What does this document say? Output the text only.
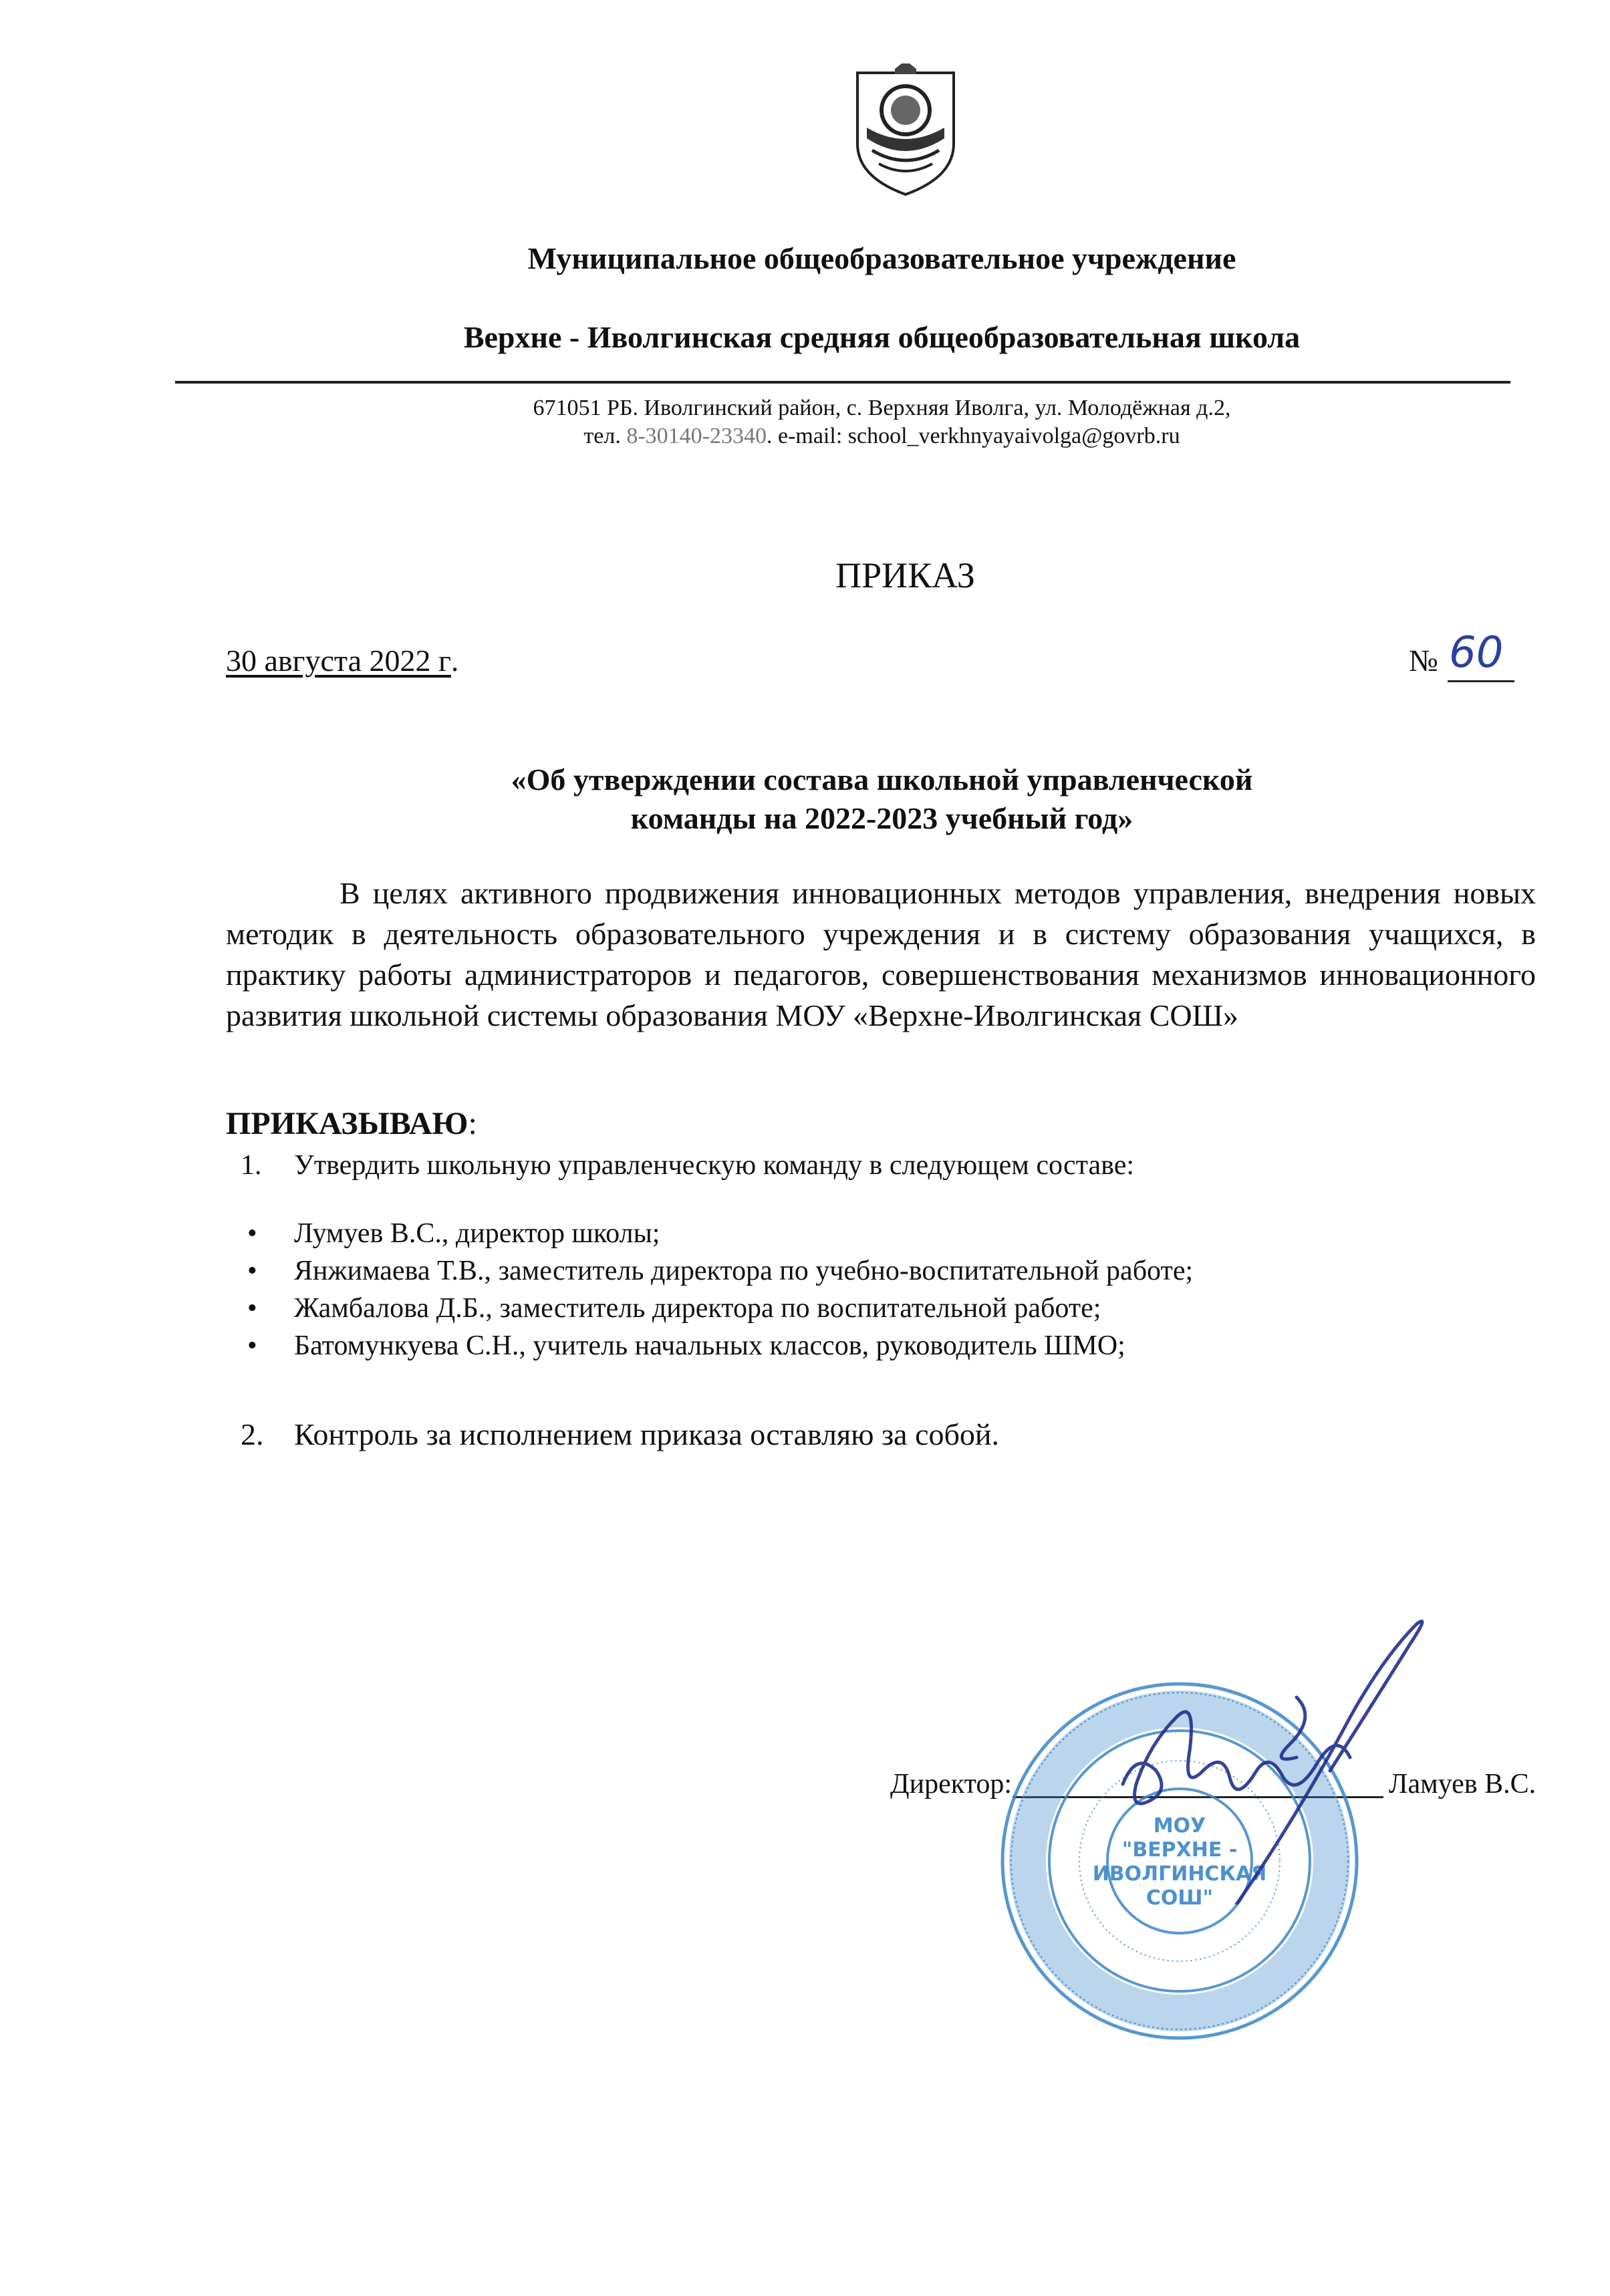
Муниципальное общеобразовательное учреждение
Верхне - Иволгинская средняя общеобразовательная школа
671051 РБ. Иволгинский район, с. Верхняя Иволга, ул. Молодёжная д.2,
тел. 8-30140-23340. e-mail: school_verkhnyayaivolga@govrb.ru
ПРИКАЗ
30 августа 2022 г.	№ 60
«Об утверждении состава школьной управленческой
команды на 2022-2023 учебный год»
В целях активного продвижения инновационных методов управления, внедрения новых методик в деятельность образовательного учреждения и в систему образования учащихся, в практику работы администраторов и педагогов, совершенствования механизмов инновационного развития школьной системы образования МОУ «Верхне-Иволгинская СОШ»
ПРИКАЗЫВАЮ:
1. Утвердить школьную управленческую команду в следующем составе:
• Лумуев В.С., директор школы;
• Янжимаева Т.В., заместитель директора по учебно-воспитательной работе;
• Жамбалова Д.Б., заместитель директора по воспитательной работе;
• Батомункуева С.Н., учитель начальных классов, руководитель ШМО;
2. Контроль за исполнением приказа оставляю за собой.
Директор:	Ламуев В.С.
МОУ
"ВЕРХНЕ -
ИВОЛГИНСКАЯ
СОШ"
